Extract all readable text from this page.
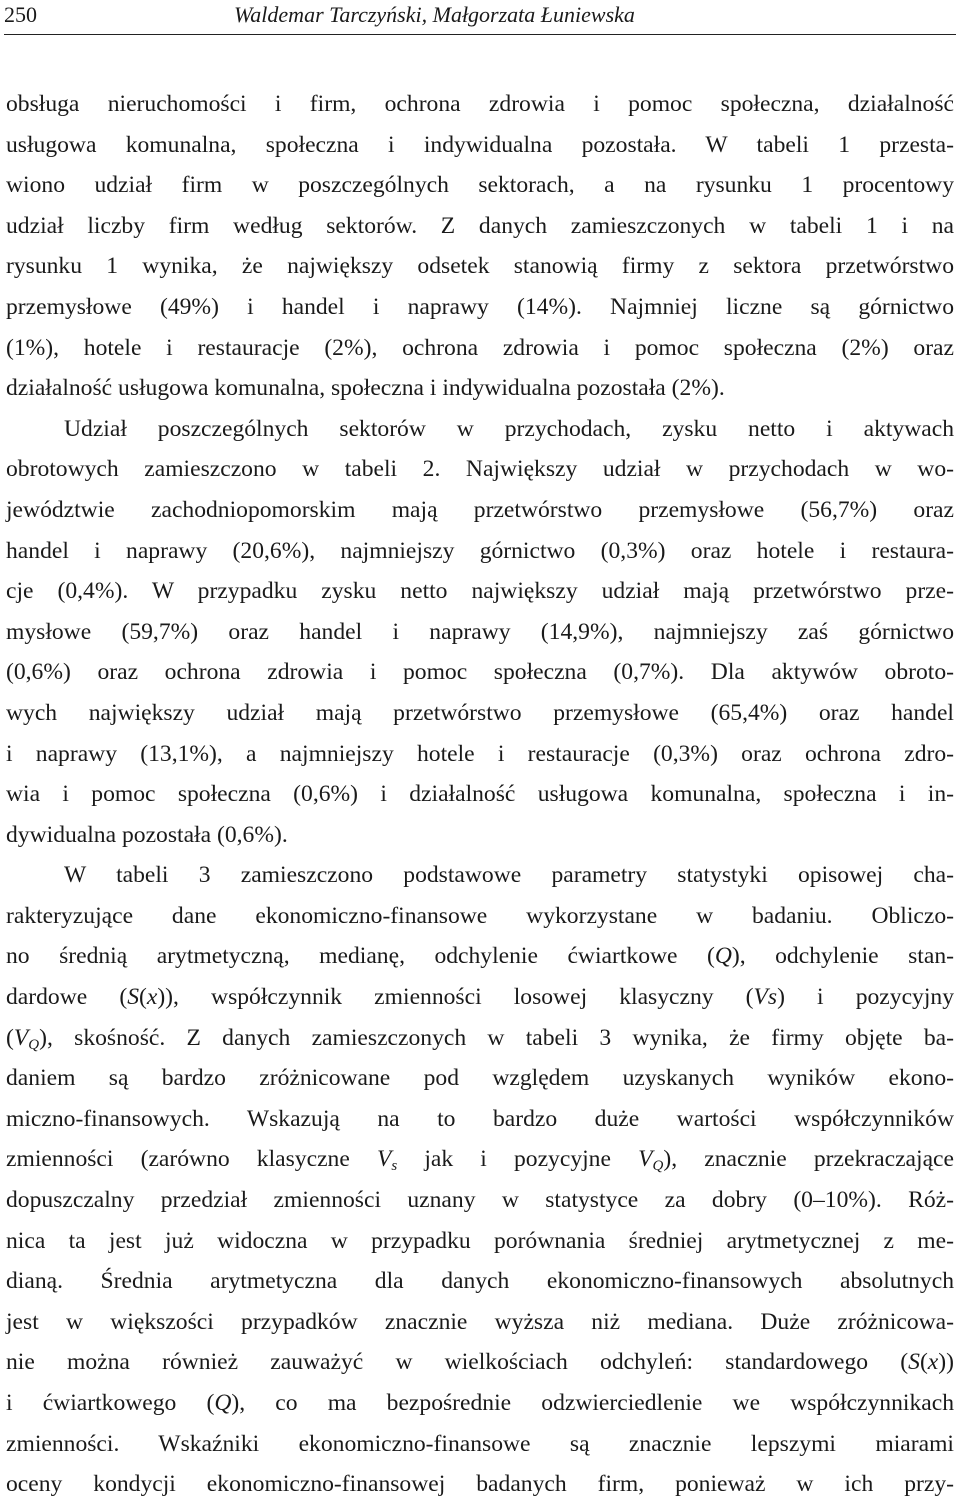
250	Waldemar Tarczyński, Małgorzata Łuniewska

obsługa nieruchomości i firm, ochrona zdrowia i pomoc społeczna, działalność
usługowa komunalna, społeczna i indywidualna pozostała. W tabeli 1 przesta-
wiono udział firm w poszczególnych sektorach, a na rysunku 1 procentowy
udział liczby firm według sektorów. Z danych zamieszczonych w tabeli 1 i na
rysunku 1 wynika, że największy odsetek stanowią firmy z sektora przetwórstwo
przemysłowe (49%) i handel i naprawy (14%). Najmniej liczne są górnictwo
(1%), hotele i restauracje (2%), ochrona zdrowia i pomoc społeczna (2%) oraz
działalność usługowa komunalna, społeczna i indywidualna pozostała (2%).

Udział poszczególnych sektorów w przychodach, zysku netto i aktywach
obrotowych zamieszczono w tabeli 2. Największy udział w przychodach w wo-
jewództwie zachodniopomorskim mają przetwórstwo przemysłowe (56,7%) oraz
handel i naprawy (20,6%), najmniejszy górnictwo (0,3%) oraz hotele i restaura-
cje (0,4%). W przypadku zysku netto największy udział mają przetwórstwo prze-
mysłowe (59,7%) oraz handel i naprawy (14,9%), najmniejszy zaś górnictwo
(0,6%) oraz ochrona zdrowia i pomoc społeczna (0,7%). Dla aktywów obroto-
wych największy udział mają przetwórstwo przemysłowe (65,4%) oraz handel
i naprawy (13,1%), a najmniejszy hotele i restauracje (0,3%) oraz ochrona zdro-
wia i pomoc społeczna (0,6%) i działalność usługowa komunalna, społeczna i in-
dywidualna pozostała (0,6%).

W tabeli 3 zamieszczono podstawowe parametry statystyki opisowej cha-
rakteryzujące dane ekonomiczno-finansowe wykorzystane w badaniu. Obliczo-
no średnią arytmetyczną, medianę, odchylenie ćwiartkowe (Q), odchylenie stan-
dardowe (S(x)), współczynnik zmienności losowej klasyczny (Vs) i pozycyjny
$(V_Q)$, skośność. Z danych zamieszczonych w tabeli 3 wynika, że firmy objęte ba-
daniem są bardzo zróżnicowane pod względem uzyskanych wyników ekono-
miczno-finansowych. Wskazują na to bardzo duże wartości współczynników
zmienności (zarówno klasyczne $V_s$ jak i pozycyjne $V_Q$), znacznie przekraczające
dopuszczalny przedział zmienności uznany w statystyce za dobry (0–10%). Róż-
nica ta jest już widoczna w przypadku porównania średniej arytmetycznej z me-
dianą. Średnia arytmetyczna dla danych ekonomiczno-finansowych absolutnych
jest w większości przypadków znacznie wyższa niż mediana. Duże zróżnicowa-
nie można również zauważyć w wielkościach odchyleń: standardowego (S(x))
i ćwiartkowego (Q), co ma bezpośrednie odzwierciedlenie we współczynnikach
zmienności. Wskaźniki ekonomiczno-finansowe są znacznie lepszymi miarami
oceny kondycji ekonomiczno-finansowej badanych firm, ponieważ w ich przy-
